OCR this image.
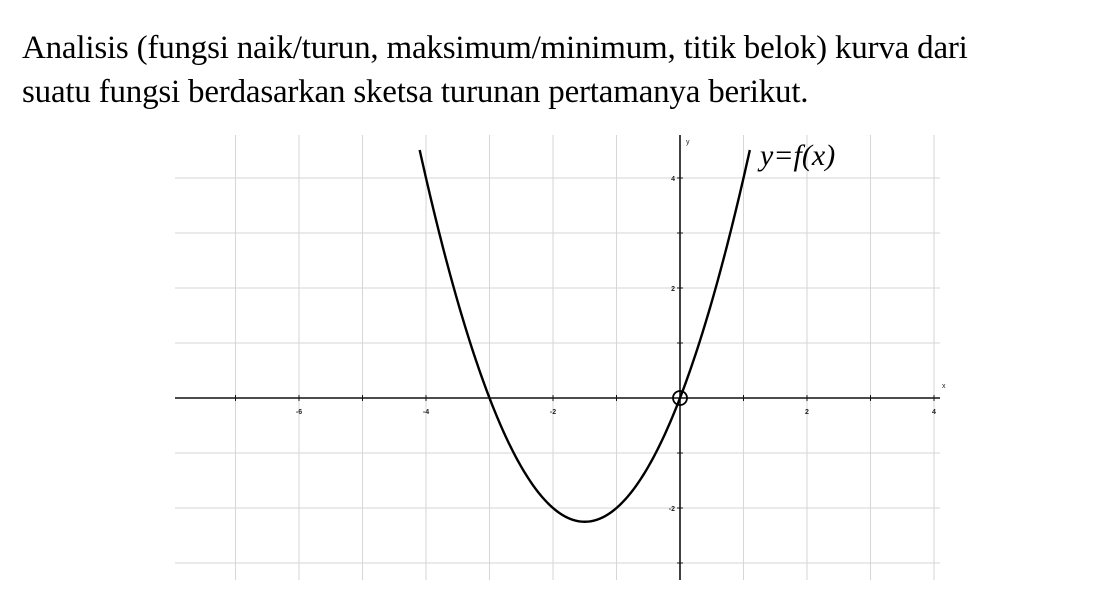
Analisis (fungsi naik/turun, maksimum/minimum, titik belok) kurva dari
suatu fungsi berdasarkan sketsa turunan pertamanya berikut.
x
y
-6	-4	-2	2	4
4
2
-2
y=f(x)
